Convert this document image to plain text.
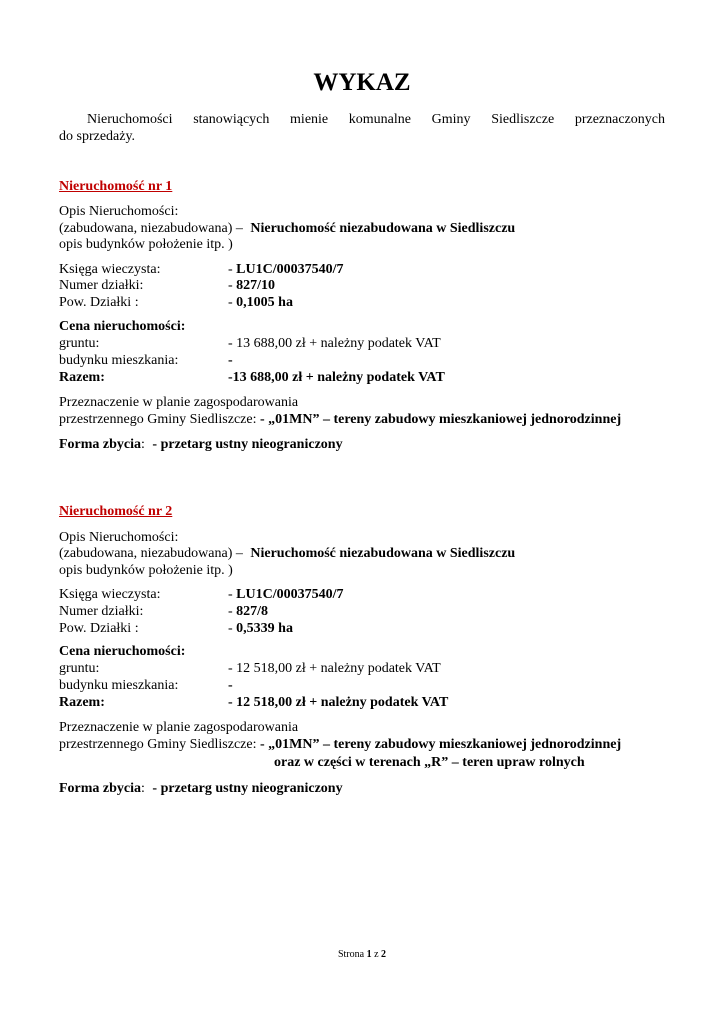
WYKAZ
Nieruchomości stanowiących mienie komunalne Gminy Siedliszcze przeznaczonych
do sprzedaży.
Nieruchomość nr 1
Opis Nieruchomości:
(zabudowana, niezabudowana) – Nieruchomość niezabudowana w Siedliszczu
opis budynków położenie itp. )
Księga wieczysta:	- LU1C/00037540/7
Numer działki:	- 827/10
Pow. Działki :	- 0,1005 ha
Cena nieruchomości:
gruntu:	- 13 688,00 zł + należny podatek VAT
budynku mieszkania:	-
Razem:	-13 688,00 zł + należny podatek VAT
Przeznaczenie w planie zagospodarowania
przestrzennego Gminy Siedliszcze: - „01MN” – tereny zabudowy mieszkaniowej jednorodzinnej
Forma zbycia: - przetarg ustny nieograniczony
Nieruchomość nr 2
Opis Nieruchomości:
(zabudowana, niezabudowana) – Nieruchomość niezabudowana w Siedliszczu
opis budynków położenie itp. )
Księga wieczysta:	- LU1C/00037540/7
Numer działki:	- 827/8
Pow. Działki :	- 0,5339 ha
Cena nieruchomości:
gruntu:	- 12 518,00 zł + należny podatek VAT
budynku mieszkania:	-
Razem:	- 12 518,00 zł + należny podatek VAT
Przeznaczenie w planie zagospodarowania
przestrzennego Gminy Siedliszcze: - „01MN” – tereny zabudowy mieszkaniowej jednorodzinnej
oraz w części w terenach „R” – teren upraw rolnych
Forma zbycia: - przetarg ustny nieograniczony
Strona 1 z 2
